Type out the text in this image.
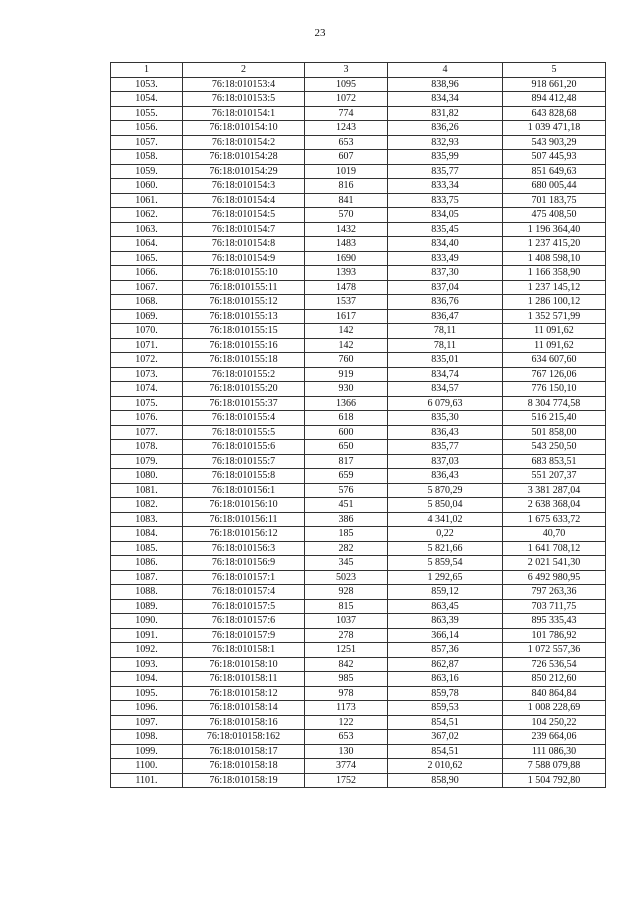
23
1	2	3	4	5
1053.	76:18:010153:4	1095	838,96	918 661,20
1054.	76:18:010153:5	1072	834,34	894 412,48
1055.	76:18:010154:1	774	831,82	643 828,68
1056.	76:18:010154:10	1243	836,26	1 039 471,18
1057.	76:18:010154:2	653	832,93	543 903,29
1058.	76:18:010154:28	607	835,99	507 445,93
1059.	76:18:010154:29	1019	835,77	851 649,63
1060.	76:18:010154:3	816	833,34	680 005,44
1061.	76:18:010154:4	841	833,75	701 183,75
1062.	76:18:010154:5	570	834,05	475 408,50
1063.	76:18:010154:7	1432	835,45	1 196 364,40
1064.	76:18:010154:8	1483	834,40	1 237 415,20
1065.	76:18:010154:9	1690	833,49	1 408 598,10
1066.	76:18:010155:10	1393	837,30	1 166 358,90
1067.	76:18:010155:11	1478	837,04	1 237 145,12
1068.	76:18:010155:12	1537	836,76	1 286 100,12
1069.	76:18:010155:13	1617	836,47	1 352 571,99
1070.	76:18:010155:15	142	78,11	11 091,62
1071.	76:18:010155:16	142	78,11	11 091,62
1072.	76:18:010155:18	760	835,01	634 607,60
1073.	76:18:010155:2	919	834,74	767 126,06
1074.	76:18:010155:20	930	834,57	776 150,10
1075.	76:18:010155:37	1366	6 079,63	8 304 774,58
1076.	76:18:010155:4	618	835,30	516 215,40
1077.	76:18:010155:5	600	836,43	501 858,00
1078.	76:18:010155:6	650	835,77	543 250,50
1079.	76:18:010155:7	817	837,03	683 853,51
1080.	76:18:010155:8	659	836,43	551 207,37
1081.	76:18:010156:1	576	5 870,29	3 381 287,04
1082.	76:18:010156:10	451	5 850,04	2 638 368,04
1083.	76:18:010156:11	386	4 341,02	1 675 633,72
1084.	76:18:010156:12	185	0,22	40,70
1085.	76:18:010156:3	282	5 821,66	1 641 708,12
1086.	76:18:010156:9	345	5 859,54	2 021 541,30
1087.	76:18:010157:1	5023	1 292,65	6 492 980,95
1088.	76:18:010157:4	928	859,12	797 263,36
1089.	76:18:010157:5	815	863,45	703 711,75
1090.	76:18:010157:6	1037	863,39	895 335,43
1091.	76:18:010157:9	278	366,14	101 786,92
1092.	76:18:010158:1	1251	857,36	1 072 557,36
1093.	76:18:010158:10	842	862,87	726 536,54
1094.	76:18:010158:11	985	863,16	850 212,60
1095.	76:18:010158:12	978	859,78	840 864,84
1096.	76:18:010158:14	1173	859,53	1 008 228,69
1097.	76:18:010158:16	122	854,51	104 250,22
1098.	76:18:010158:162	653	367,02	239 664,06
1099.	76:18:010158:17	130	854,51	111 086,30
1100.	76:18:010158:18	3774	2 010,62	7 588 079,88
1101.	76:18:010158:19	1752	858,90	1 504 792,80
